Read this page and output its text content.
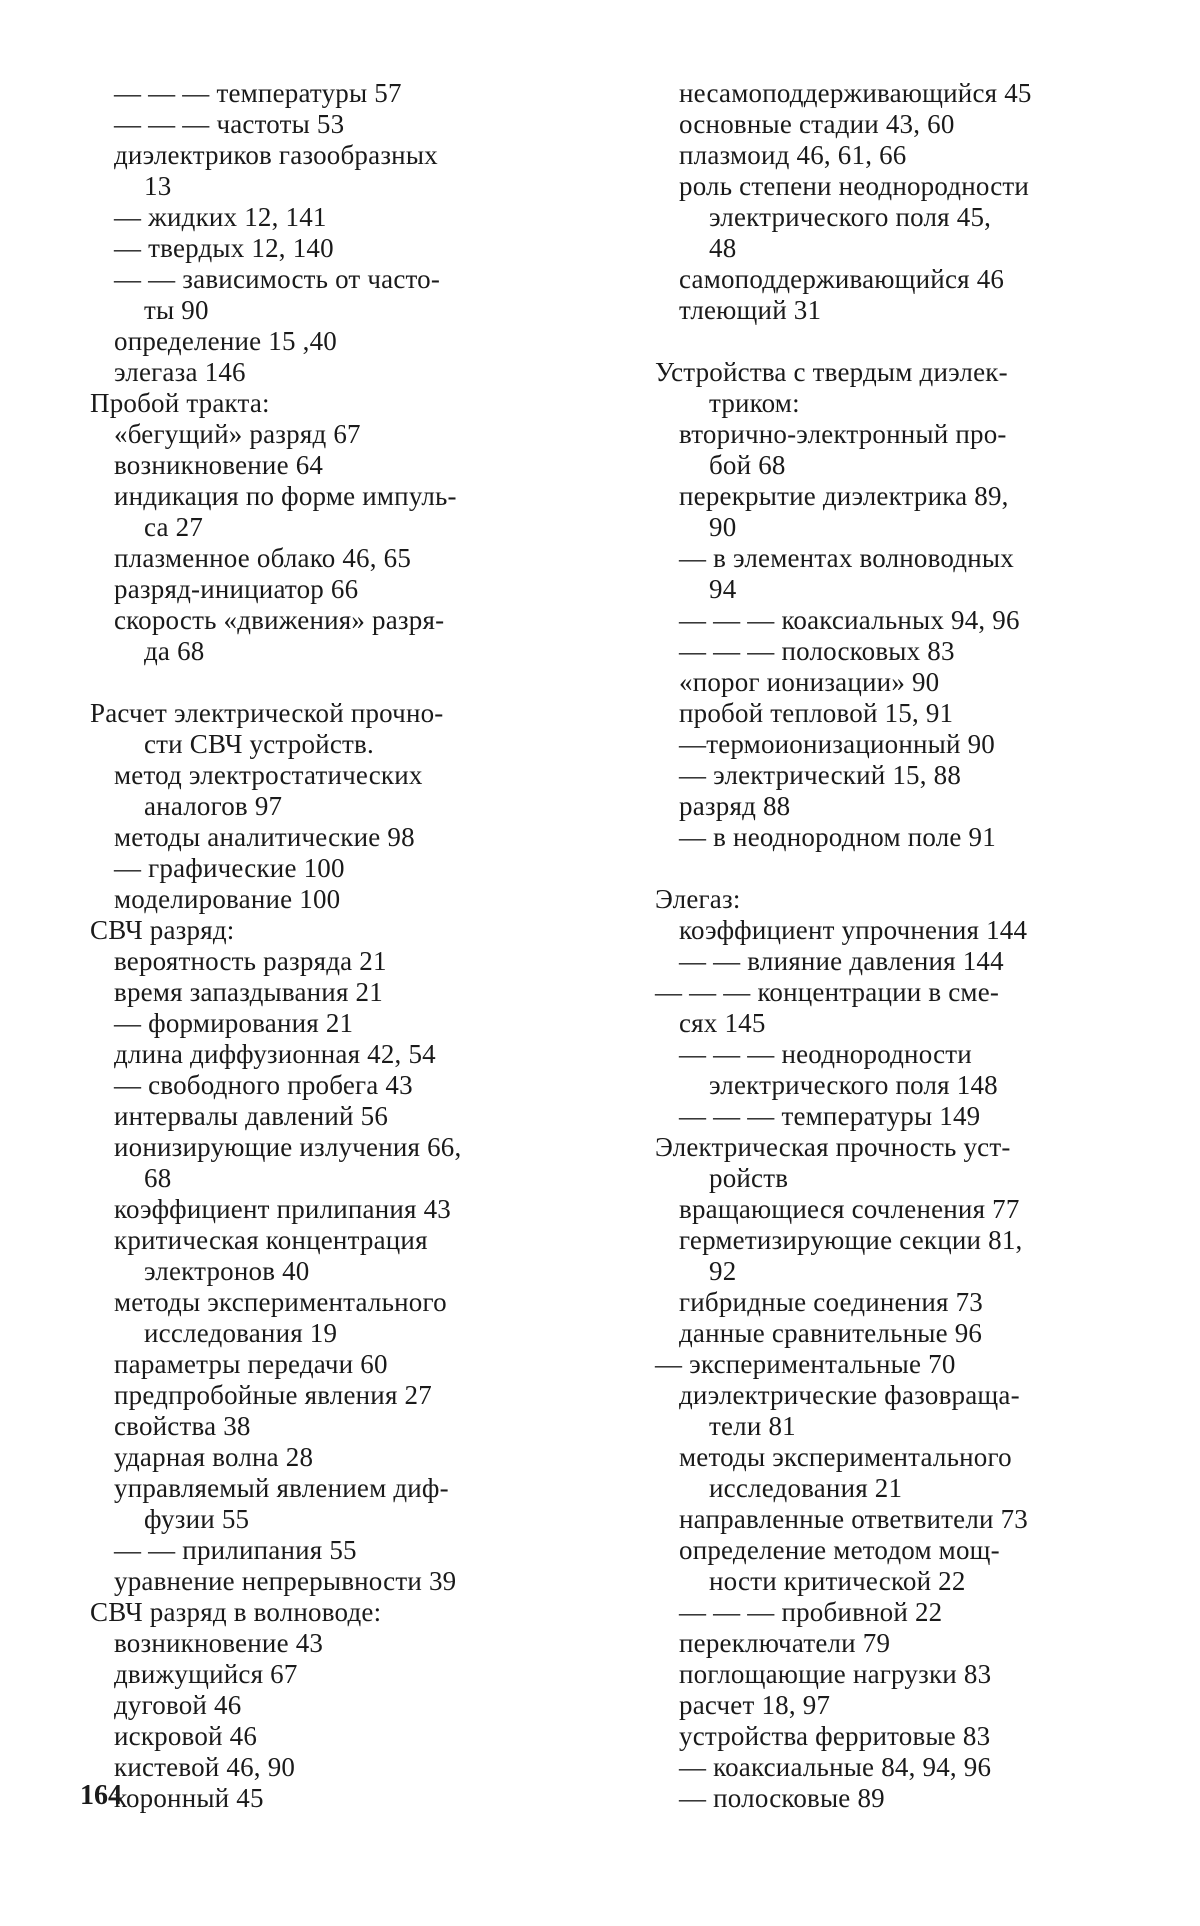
— — — температуры 57
— — — частоты 53
диэлектриков газообразных
13
— жидких 12, 141
— твердых 12, 140
— — зависимость от часто-
ты 90
определение 15 ,40
элегаза 146
Пробой тракта:
«бегущий» разряд 67
возникновение 64
индикация по форме импуль-
са 27
плазменное облако 46, 65
разряд-инициатор 66
скорость «движения» разря-
да 68
Расчет электрической прочно-
сти СВЧ устройств.
метод электростатических
аналогов 97
методы аналитические 98
— графические 100
моделирование 100
СВЧ разряд:
вероятность разряда 21
время запаздывания 21
— формирования 21
длина диффузионная 42, 54
— свободного пробега 43
интервалы давлений 56
ионизирующие излучения 66,
68
коэффициент прилипания 43
критическая концентрация
электронов 40
методы экспериментального
исследования 19
параметры передачи 60
предпробойные явления 27
свойства 38
ударная волна 28
управляемый явлением диф-
фузии 55
— — прилипания 55
уравнение непрерывности 39
СВЧ разряд в волноводе:
возникновение 43
движущийся 67
дуговой 46
искровой 46
кистевой 46, 90
коронный 45
несамоподдерживающийся 45
основные стадии 43, 60
плазмоид 46, 61, 66
роль степени неоднородности
электрического поля 45,
48
самоподдерживающийся 46
тлеющий 31
Устройства с твердым диэлек-
триком:
вторично-электронный про-
бой 68
перекрытие диэлектрика 89,
90
— в элементах волноводных
94
— — — коаксиальных 94, 96
— — — полосковых 83
«порог ионизации» 90
пробой тепловой 15, 91
—термоионизационный 90
— электрический 15, 88
разряд 88
— в неоднородном поле 91
Элегаз:
коэффициент упрочнения 144
— — влияние давления 144
— — — концентрации в сме-
сях 145
— — — неоднородности
электрического поля 148
— — — температуры 149
Электрическая прочность уст-
ройств
вращающиеся сочленения 77
герметизирующие секции 81,
92
гибридные соединения 73
данные сравнительные 96
— экспериментальные 70
диэлектрические фазовраща-
тели 81
методы экспериментального
исследования 21
направленные ответвители 73
определение методом мощ-
ности критической 22
— — — пробивной 22
переключатели 79
поглощающие нагрузки 83
расчет 18, 97
устройства ферритовые 83
— коаксиальные 84, 94, 96
— полосковые 89
164
